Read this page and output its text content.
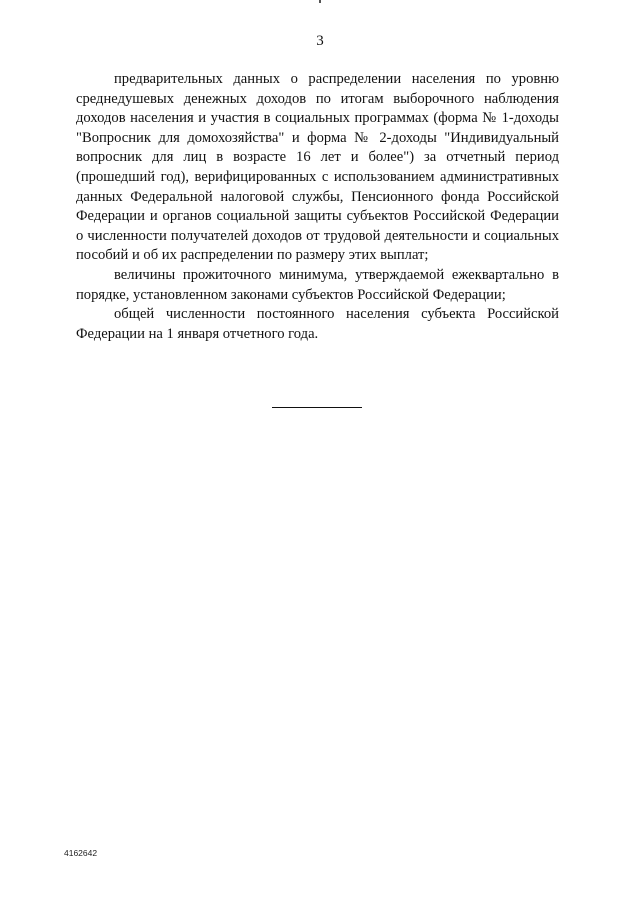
3

предварительных данных о распределении населения по уровню среднедушевых денежных доходов по итогам выборочного наблюдения доходов населения и участия в социальных программах (форма № 1-доходы "Вопросник для домохозяйства" и форма № 2-доходы "Индивидуальный вопросник для лиц в возрасте 16 лет и более") за отчетный период (прошедший год), верифицированных с использованием административных данных Федеральной налоговой службы, Пенсионного фонда Российской Федерации и органов социальной защиты субъектов Российской Федерации о численности получателей доходов от трудовой деятельности и социальных пособий и об их распределении по размеру этих выплат;

величины прожиточного минимума, утверждаемой ежеквартально в порядке, установленном законами субъектов Российской Федерации;

общей численности постоянного населения субъекта Российской Федерации на 1 января отчетного года.

4162642
